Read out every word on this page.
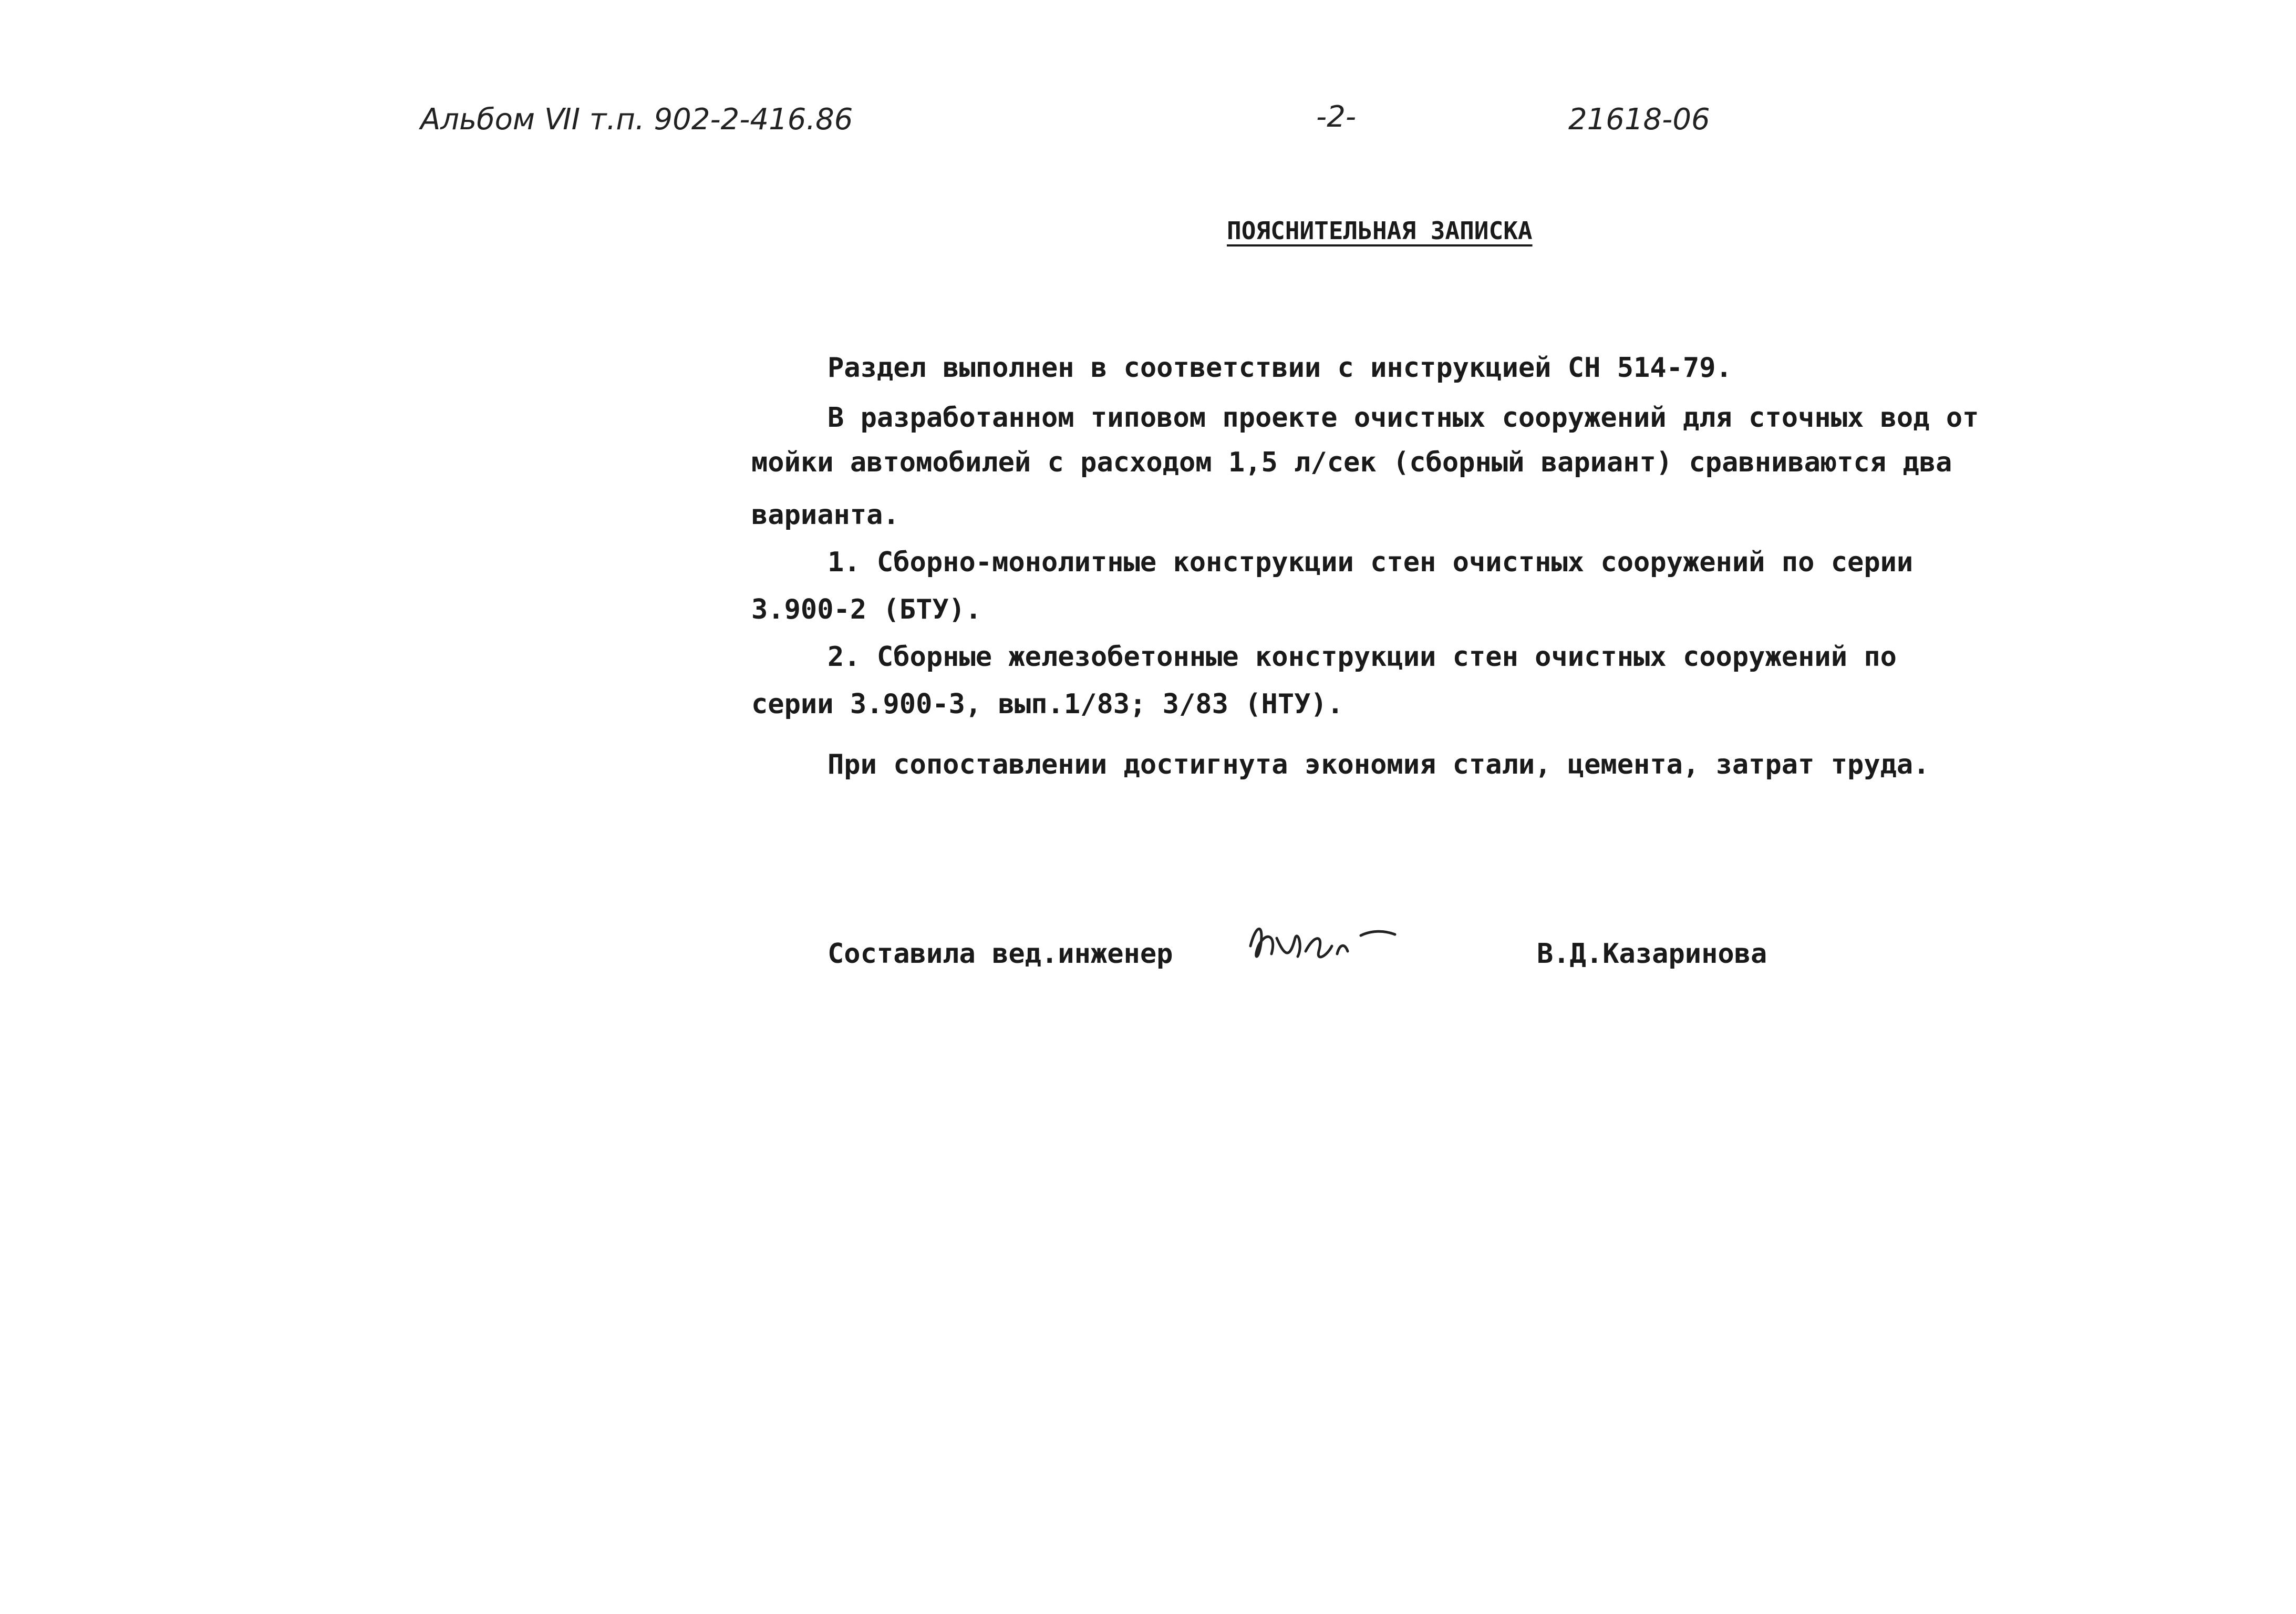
Альбом ⅥI т.п. 902-2-416.86	-2-	21618-06
ПОЯСНИТЕЛЬНАЯ ЗАПИСКА
Раздел выполнен в соответствии с инструкцией СН 514-79.
В разработанном типовом проекте очистных сооружений для сточных вод от
мойки автомобилей с расходом 1,5 л/сек (сборный вариант) сравниваются два
варианта.
1. Сборно-монолитные конструкции стен очистных сооружений по серии
3.900-2 (БТУ).
2. Сборные железобетонные конструкции стен очистных сооружений по
серии 3.900-3, вып.1/83; 3/83 (НТУ).
При сопоставлении достигнута экономия стали, цемента, затрат труда.
Составила вед.инженер	В.Д.Казаринова
